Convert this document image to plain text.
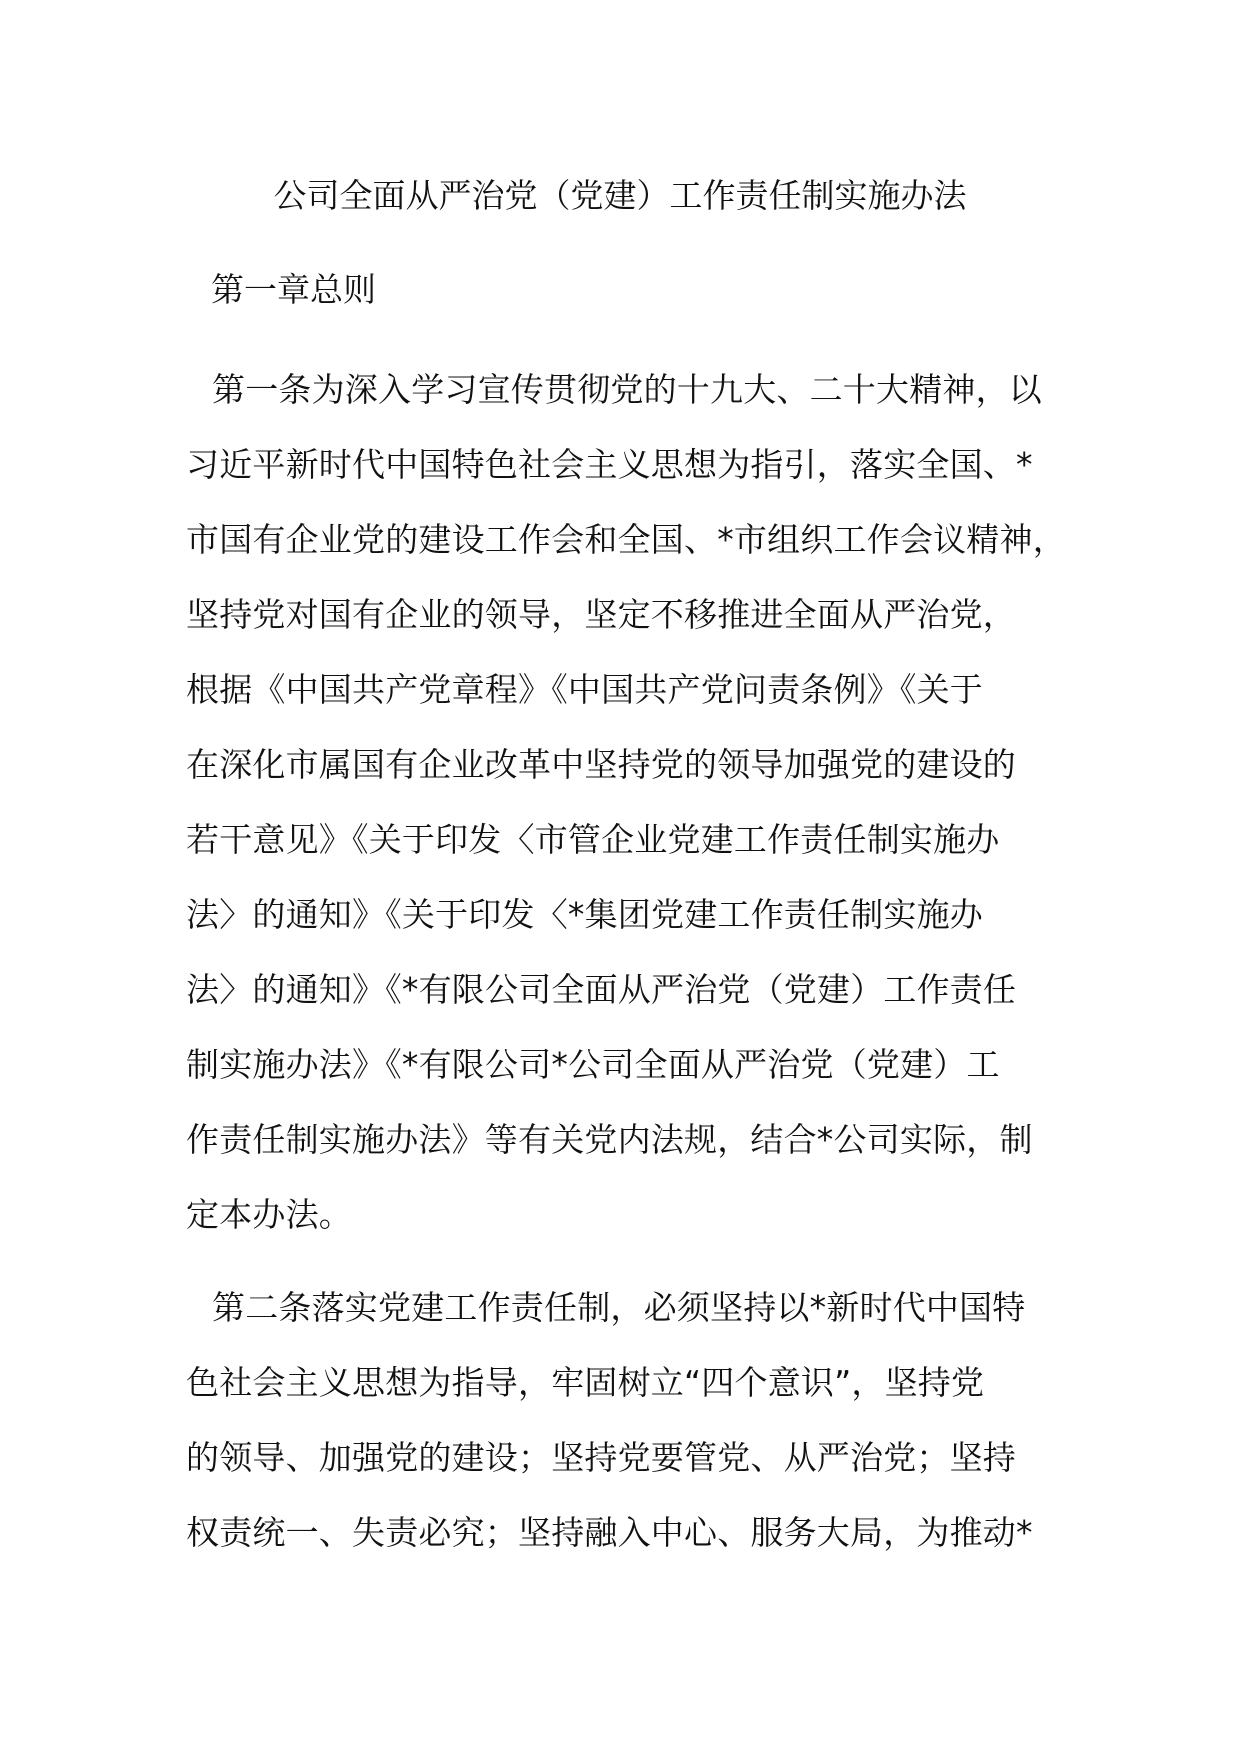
公司全面从严治党（党建）工作责任制实施办法
第一章总则
第一条为深入学习宣传贯彻党的十九大、二十大精神，以
习近平新时代中国特色社会主义思想为指引，落实全国、*
市国有企业党的建设工作会和全国、*市组织工作会议精神，
坚持党对国有企业的领导，坚定不移推进全面从严治党，
根据《中国共产党章程》《中国共产党问责条例》《关于
在深化市属国有企业改革中坚持党的领导加强党的建设的
若干意见》《关于印发〈市管企业党建工作责任制实施办
法〉的通知》《关于印发〈*集团党建工作责任制实施办
法〉的通知》《*有限公司全面从严治党（党建）工作责任
制实施办法》《*有限公司*公司全面从严治党（党建）工
作责任制实施办法》等有关党内法规，结合*公司实际，制
定本办法。
第二条落实党建工作责任制，必须坚持以*新时代中国特
色社会主义思想为指导，牢固树立“四个意识”，坚持党
的领导、加强党的建设；坚持党要管党、从严治党；坚持
权责统一、失责必究；坚持融入中心、服务大局，为推动*
